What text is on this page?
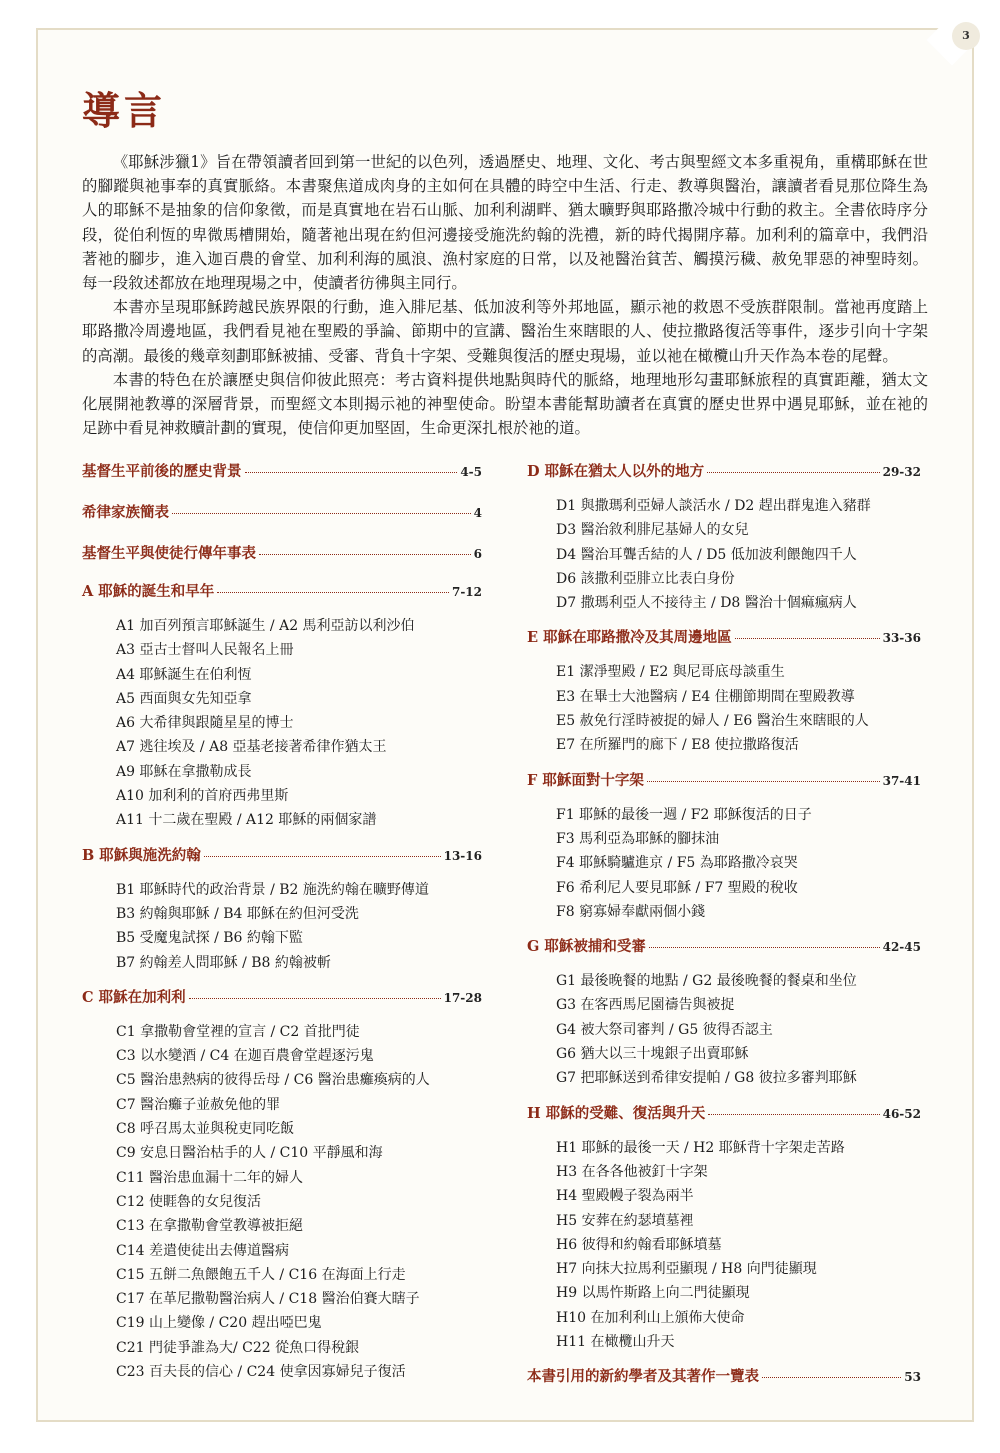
3
導言

《耶穌涉獵1》旨在帶領讀者回到第一世紀的以色列，透過歷史、地理、文化、考古與聖經文本多重視角，重構耶穌在世的腳蹤與祂事奉的真實脈絡。本書聚焦道成肉身的主如何在具體的時空中生活、行走、教導與醫治，讓讀者看見那位降生為人的耶穌不是抽象的信仰象徵，而是真實地在岩石山脈、加利利湖畔、猶太曠野與耶路撒冷城中行動的救主。全書依時序分段，從伯利恆的卑微馬槽開始，隨著祂出現在約但河邊接受施洗約翰的洗禮，新的時代揭開序幕。加利利的篇章中，我們沿著祂的腳步，進入迦百農的會堂、加利利海的風浪、漁村家庭的日常，以及祂醫治貧苦、觸摸污穢、赦免罪惡的神聖時刻。每一段敘述都放在地理現場之中，使讀者彷彿與主同行。

本書亦呈現耶穌跨越民族界限的行動，進入腓尼基、低加波利等外邦地區，顯示祂的救恩不受族群限制。當祂再度踏上耶路撒冷周邊地區，我們看見祂在聖殿的爭論、節期中的宣講、醫治生來瞎眼的人、使拉撒路復活等事件，逐步引向十字架的高潮。最後的幾章刻劃耶穌被捕、受審、背負十字架、受難與復活的歷史現場，並以祂在橄欖山升天作為本卷的尾聲。

本書的特色在於讓歷史與信仰彼此照亮：考古資料提供地點與時代的脈絡，地理地形勾畫耶穌旅程的真實距離，猶太文化展開祂教導的深層背景，而聖經文本則揭示祂的神聖使命。盼望本書能幫助讀者在真實的歷史世界中遇見耶穌，並在祂的足跡中看見神救贖計劃的實現，使信仰更加堅固，生命更深扎根於祂的道。

基督生平前後的歷史背景	4-5
希律家族簡表	4
基督生平與使徒行傳年事表	6
A 耶穌的誕生和早年	7-12
A1 加百列預言耶穌誕生 / A2 馬利亞訪以利沙伯
A3 亞古士督叫人民報名上冊
A4 耶穌誕生在伯利恆
A5 西面與女先知亞拿
A6 大希律與跟隨星星的博士
A7 逃往埃及 / A8 亞基老接著希律作猶太王
A9 耶穌在拿撒勒成長
A10 加利利的首府西弗里斯
A11 十二歲在聖殿 / A12 耶穌的兩個家譜
B 耶穌與施洗約翰	13-16
B1 耶穌時代的政治背景 / B2 施洗約翰在曠野傳道
B3 約翰與耶穌 / B4 耶穌在約但河受洗
B5 受魔鬼試探 / B6 約翰下監
B7 約翰差人問耶穌 / B8 約翰被斬
C 耶穌在加利利	17-28
C1 拿撒勒會堂裡的宣言 / C2 首批門徒
C3 以水變酒 / C4 在迦百農會堂趕逐污鬼
C5 醫治患熱病的彼得岳母 / C6 醫治患癱瘓病的人
C7 醫治癱子並赦免他的罪
C8 呼召馬太並與稅吏同吃飯
C9 安息日醫治枯手的人 / C10 平靜風和海
C11 醫治患血漏十二年的婦人
C12 使睚魯的女兒復活
C13 在拿撒勒會堂教導被拒絕
C14 差遣使徒出去傳道醫病
C15 五餅二魚餵飽五千人 / C16 在海面上行走
C17 在革尼撒勒醫治病人 / C18 醫治伯賽大瞎子
C19 山上變像 / C20 趕出啞巴鬼
C21 門徒爭誰為大/ C22 從魚口得稅銀
C23 百夫長的信心 / C24 使拿因寡婦兒子復活
D 耶穌在猶太人以外的地方	29-32
D1 與撒瑪利亞婦人談活水 / D2 趕出群鬼進入豬群
D3 醫治敘利腓尼基婦人的女兒
D4 醫治耳聾舌結的人 / D5 低加波利餵飽四千人
D6 該撒利亞腓立比表白身份
D7 撒瑪利亞人不接待主 / D8 醫治十個痲瘋病人
E 耶穌在耶路撒冷及其周邊地區	33-36
E1 潔淨聖殿 / E2 與尼哥底母談重生
E3 在畢士大池醫病 / E4 住棚節期間在聖殿教導
E5 赦免行淫時被捉的婦人 / E6 醫治生來瞎眼的人
E7 在所羅門的廊下 / E8 使拉撒路復活
F 耶穌面對十字架	37-41
F1 耶穌的最後一週 / F2 耶穌復活的日子
F3 馬利亞為耶穌的腳抹油
F4 耶穌騎驢進京 / F5 為耶路撒冷哀哭
F6 希利尼人要見耶穌 / F7 聖殿的稅收
F8 窮寡婦奉獻兩個小錢
G 耶穌被捕和受審	42-45
G1 最後晚餐的地點 / G2 最後晚餐的餐桌和坐位
G3 在客西馬尼園禱告與被捉
G4 被大祭司審判 / G5 彼得否認主
G6 猶大以三十塊銀子出賣耶穌
G7 把耶穌送到希律安提帕 / G8 彼拉多審判耶穌
H 耶穌的受難、復活與升天	46-52
H1 耶穌的最後一天 / H2 耶穌背十字架走苦路
H3 在各各他被釘十字架
H4 聖殿幔子裂為兩半
H5 安葬在約瑟墳墓裡
H6 彼得和約翰看耶穌墳墓
H7 向抹大拉馬利亞顯現 / H8 向門徒顯現
H9 以馬忤斯路上向二門徒顯現
H10 在加利利山上頒佈大使命
H11 在橄欖山升天
本書引用的新約學者及其著作一覽表	53
